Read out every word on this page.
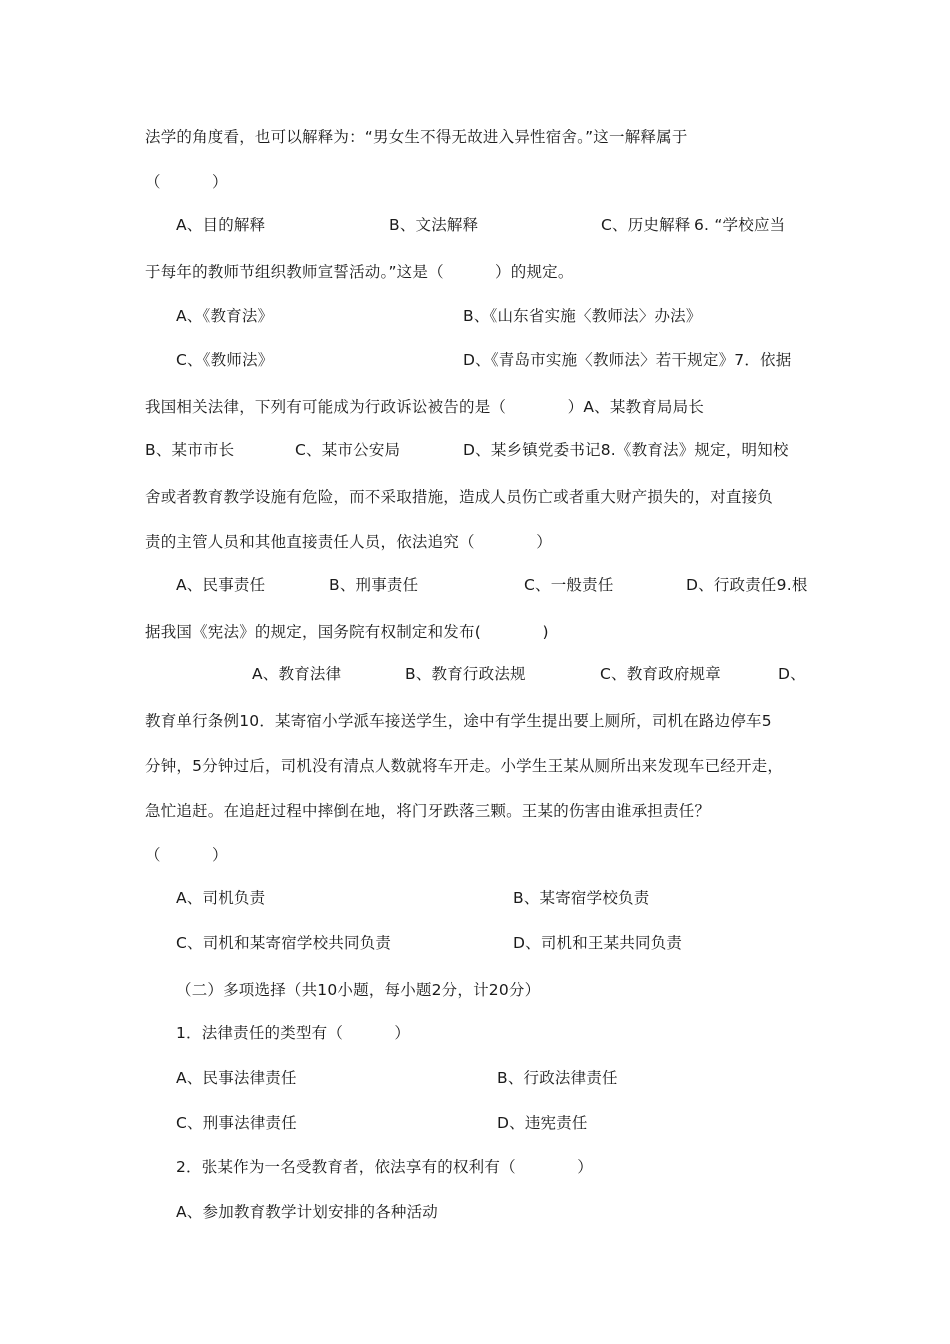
法学的角度看，也可以解释为：“男女生不得无故进入异性宿舍。”这一解释属于
（          ）
A、目的解释	B、文法解释	C、历史解释 6. “学校应当
于每年的教师节组织教师宣誓活动。”这是（          ）的规定。
A、《教育法》	B、《山东省实施〈教师法〉办法》
C、《教师法》	D、《青岛市实施〈教师法〉若干规定》7．依据
我国相关法律，下列有可能成为行政诉讼被告的是（            ）A、某教育局局长
B、某市市长	C、某市公安局	D、某乡镇党委书记8.《教育法》规定，明知校
舍或者教育教学设施有危险，而不采取措施，造成人员伤亡或者重大财产损失的，对直接负
责的主管人员和其他直接责任人员，依法追究（            ）
A、民事责任	B、刑事责任	C、一般责任	D、行政责任9.根
据我国《宪法》的规定，国务院有权制定和发布(            )
A、教育法律	B、教育行政法规	C、教育政府规章	D、
教育单行条例10．某寄宿小学派车接送学生，途中有学生提出要上厕所，司机在路边停车5
分钟，5分钟过后，司机没有清点人数就将车开走。小学生王某从厕所出来发现车已经开走，
急忙追赶。在追赶过程中摔倒在地，将门牙跌落三颗。王某的伤害由谁承担责任？
（          ）
A、司机负责	B、某寄宿学校负责
C、司机和某寄宿学校共同负责	D、司机和王某共同负责
（二）多项选择（共10小题，每小题2分，计20分）
1．法律责任的类型有（          ）
A、民事法律责任	B、行政法律责任
C、刑事法律责任	D、违宪责任
2．张某作为一名受教育者，依法享有的权利有（            ）
A、参加教育教学计划安排的各种活动
